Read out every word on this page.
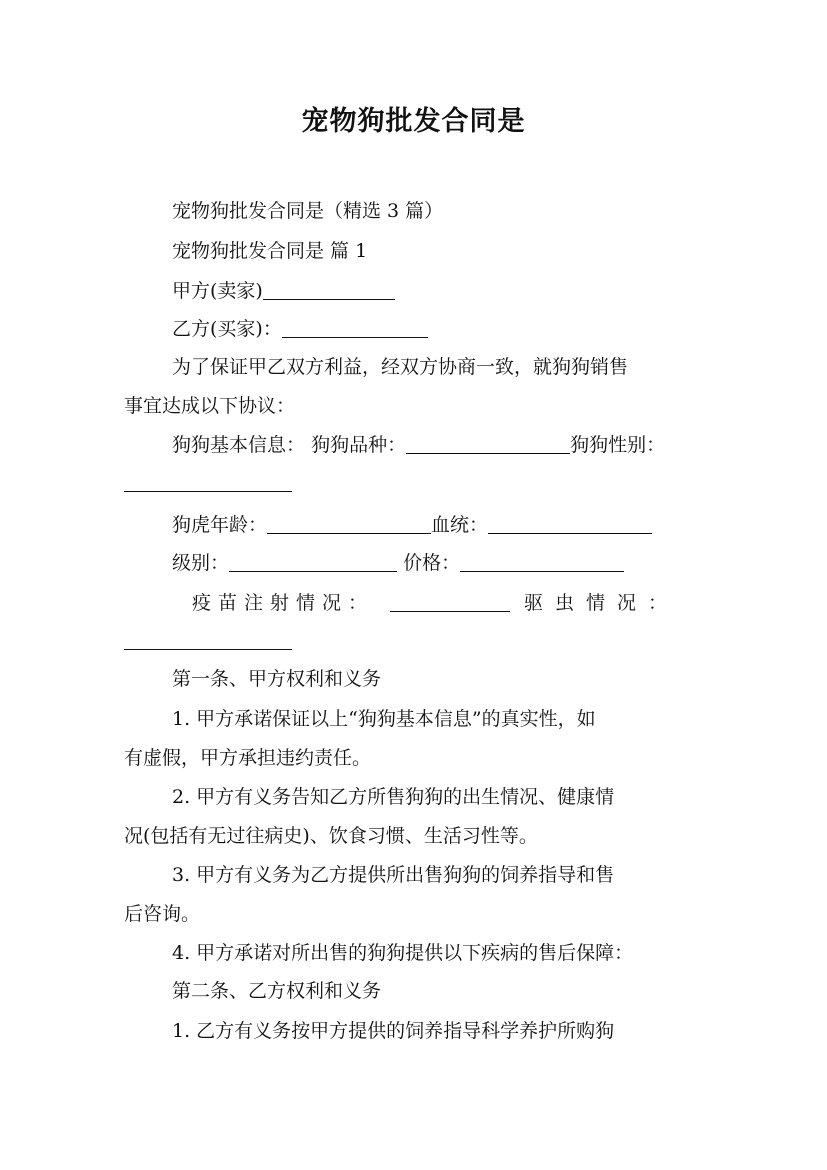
宠物狗批发合同是
宠物狗批发合同是（精选 3 篇）
宠物狗批发合同是 篇 1
甲方(卖家)
乙方(买家)：
为了保证甲乙双方利益，经双方协商一致，就狗狗销售
事宜达成以下协议：
狗狗基本信息： 狗狗品种：	狗狗性别：
狗虎年龄：	血统：
级别：	价格：
疫苗注射情况：	驱虫情况：
第一条、甲方权利和义务
1. 甲方承诺保证以上“狗狗基本信息”的真实性，如
有虚假，甲方承担违约责任。
2. 甲方有义务告知乙方所售狗狗的出生情况、健康情
况(包括有无过往病史)、饮食习惯、生活习性等。
3. 甲方有义务为乙方提供所出售狗狗的饲养指导和售
后咨询。
4. 甲方承诺对所出售的狗狗提供以下疾病的售后保障：
第二条、乙方权利和义务
1. 乙方有义务按甲方提供的饲养指导科学养护所购狗
